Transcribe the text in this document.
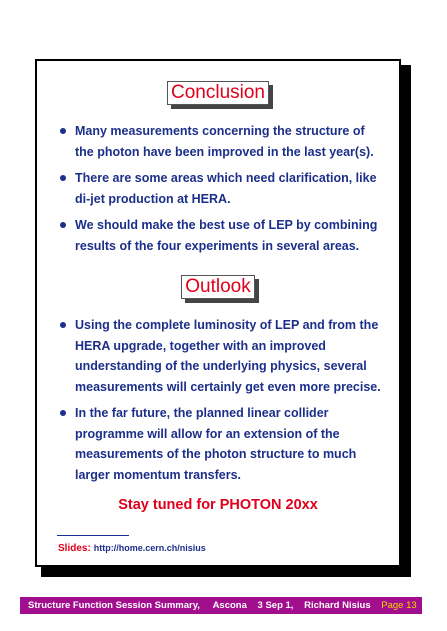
Conclusion
Many measurements concerning the structure of the photon have been improved in the last year(s).
There are some areas which need clarification, like di-jet production at HERA.
We should make the best use of LEP by combining results of the four experiments in several areas.
Outlook
Using the complete luminosity of LEP and from the HERA upgrade, together with an improved understanding of the underlying physics, several measurements will certainly get even more precise.
In the far future, the planned linear collider programme will allow for an extension of the measurements of the photon structure to much larger momentum transfers.
Stay tuned for PHOTON 20xx
Slides: http://home.cern.ch/nisius
Structure Function Session Summary, Ascona 3 Sep 1, Richard Nisius Page 13
